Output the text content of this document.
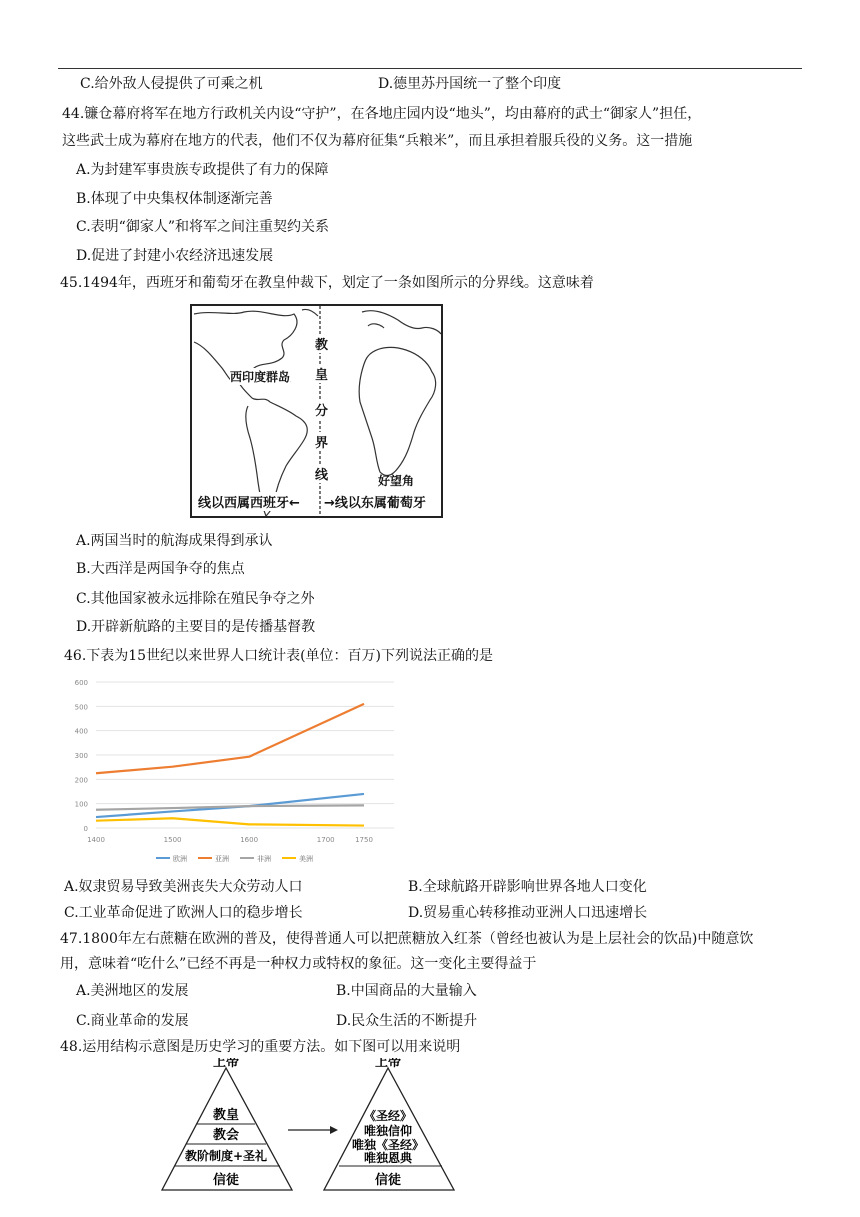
C.给外敌人侵提供了可乘之机	D.德里苏丹国统一了整个印度
44.镰仓幕府将军在地方行政机关内设“守护”，在各地庄园内设“地头”，均由幕府的武士“御家人”担任，
这些武士成为幕府在地方的代表，他们不仅为幕府征集“兵粮米”，而且承担着服兵役的义务。这一措施
A.为封建军事贵族专政提供了有力的保障
B.体现了中央集权体制逐渐完善
C.表明“御家人”和将军之间注重契约关系
D.促进了封建小农经济迅速发展
45.1494年，西班牙和葡萄牙在教皇仲裁下，划定了一条如图所示的分界线。这意味着
西印度群岛
教
皇
分
界
线	好望角
线以西属西班牙← →线以东属葡萄牙
A.两国当时的航海成果得到承认
B.大西洋是两国争夺的焦点
C.其他国家被永远排除在殖民争夺之外
D.开辟新航路的主要目的是传播基督教
46.下表为15世纪以来世界人口统计表(单位：百万)下列说法正确的是
0
100
200
300
400
500
600
1400	1500	1600	1700	1750
欧洲	亚洲	非洲	美洲
A.奴隶贸易导致美洲丧失大众劳动人口	B.全球航路开辟影响世界各地人口变化
C.工业革命促进了欧洲人口的稳步增长	D.贸易重心转移推动亚洲人口迅速增长
47.1800年左右蔗糖在欧洲的普及，使得普通人可以把蔗糖放入红茶（曾经也被认为是上层社会的饮品)中随意饮
用，意味着“吃什么”已经不再是一种权力或特权的象征。这一变化主要得益于
A.美洲地区的发展	B.中国商品的大量输入
C.商业革命的发展	D.民众生活的不断提升
48.运用结构示意图是历史学习的重要方法。如下图可以用来说明
上帝
教皇
教会
教阶制度+圣礼
信徒
上帝
《圣经》
唯独信仰
唯独《圣经》
唯独恩典
信徒
